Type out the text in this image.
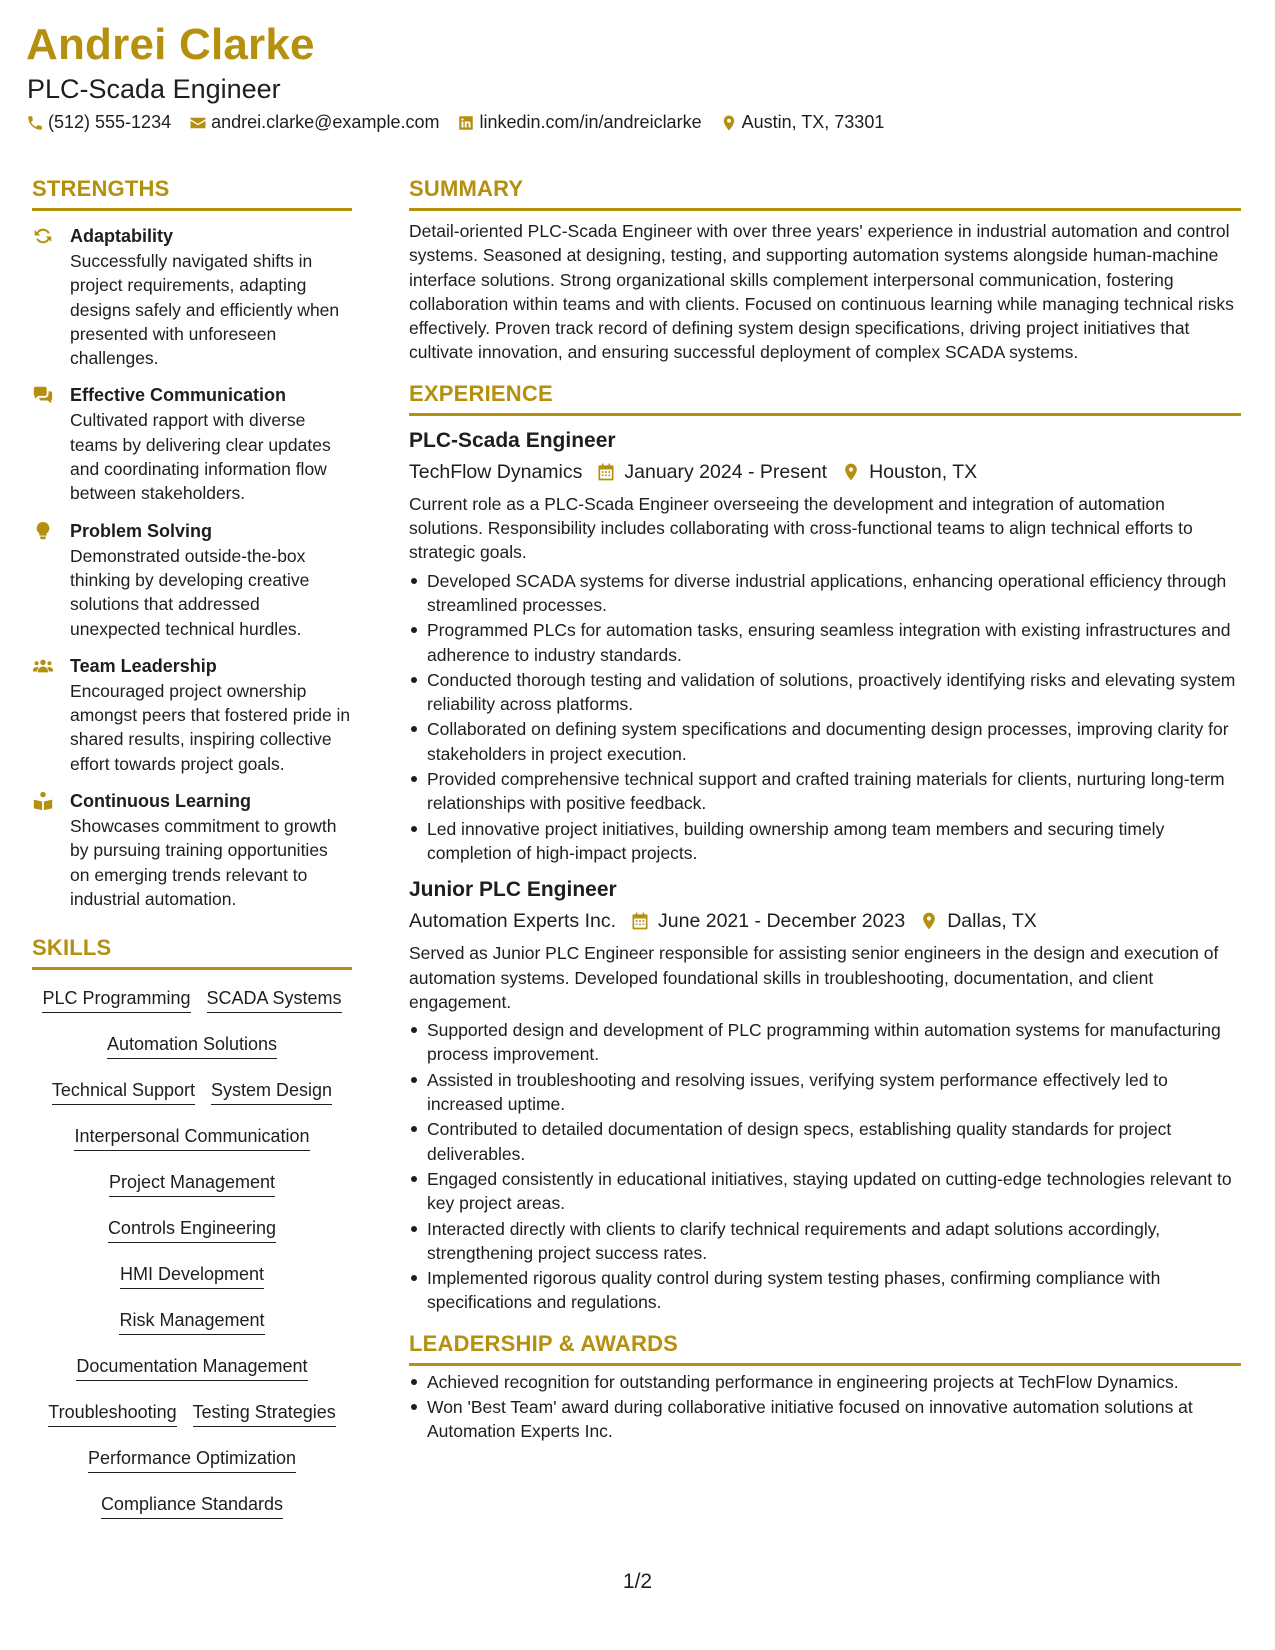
Andrei Clarke
PLC-Scada Engineer
(512) 555-1234 andrei.clarke@example.com linkedin.com/in/andreiclarke Austin, TX, 73301
STRENGTHS
Adaptability
Successfully navigated shifts in project requirements, adapting designs safely and efficiently when presented with unforeseen challenges.
Effective Communication
Cultivated rapport with diverse teams by delivering clear updates and coordinating information flow between stakeholders.
Problem Solving
Demonstrated outside-the-box thinking by developing creative solutions that addressed unexpected technical hurdles.
Team Leadership
Encouraged project ownership amongst peers that fostered pride in shared results, inspiring collective effort towards project goals.
Continuous Learning
Showcases commitment to growth by pursuing training opportunities on emerging trends relevant to industrial automation.
SKILLS
PLC Programming SCADA Systems
Automation Solutions
Technical Support System Design
Interpersonal Communication
Project Management
Controls Engineering
HMI Development
Risk Management
Documentation Management
Troubleshooting Testing Strategies
Performance Optimization
Compliance Standards
SUMMARY
Detail-oriented PLC-Scada Engineer with over three years' experience in industrial automation and control systems. Seasoned at designing, testing, and supporting automation systems alongside human-machine interface solutions. Strong organizational skills complement interpersonal communication, fostering collaboration within teams and with clients. Focused on continuous learning while managing technical risks effectively. Proven track record of defining system design specifications, driving project initiatives that cultivate innovation, and ensuring successful deployment of complex SCADA systems.
EXPERIENCE
PLC-Scada Engineer
TechFlow Dynamics January 2024 - Present Houston, TX
Current role as a PLC-Scada Engineer overseeing the development and integration of automation solutions. Responsibility includes collaborating with cross-functional teams to align technical efforts to strategic goals.
Developed SCADA systems for diverse industrial applications, enhancing operational efficiency through streamlined processes.
Programmed PLCs for automation tasks, ensuring seamless integration with existing infrastructures and adherence to industry standards.
Conducted thorough testing and validation of solutions, proactively identifying risks and elevating system reliability across platforms.
Collaborated on defining system specifications and documenting design processes, improving clarity for stakeholders in project execution.
Provided comprehensive technical support and crafted training materials for clients, nurturing long-term relationships with positive feedback.
Led innovative project initiatives, building ownership among team members and securing timely completion of high-impact projects.
Junior PLC Engineer
Automation Experts Inc. June 2021 - December 2023 Dallas, TX
Served as Junior PLC Engineer responsible for assisting senior engineers in the design and execution of automation systems. Developed foundational skills in troubleshooting, documentation, and client engagement.
Supported design and development of PLC programming within automation systems for manufacturing process improvement.
Assisted in troubleshooting and resolving issues, verifying system performance effectively led to increased uptime.
Contributed to detailed documentation of design specs, establishing quality standards for project deliverables.
Engaged consistently in educational initiatives, staying updated on cutting-edge technologies relevant to key project areas.
Interacted directly with clients to clarify technical requirements and adapt solutions accordingly, strengthening project success rates.
Implemented rigorous quality control during system testing phases, confirming compliance with specifications and regulations.
LEADERSHIP & AWARDS
Achieved recognition for outstanding performance in engineering projects at TechFlow Dynamics.
Won 'Best Team' award during collaborative initiative focused on innovative automation solutions at Automation Experts Inc.
1/2
